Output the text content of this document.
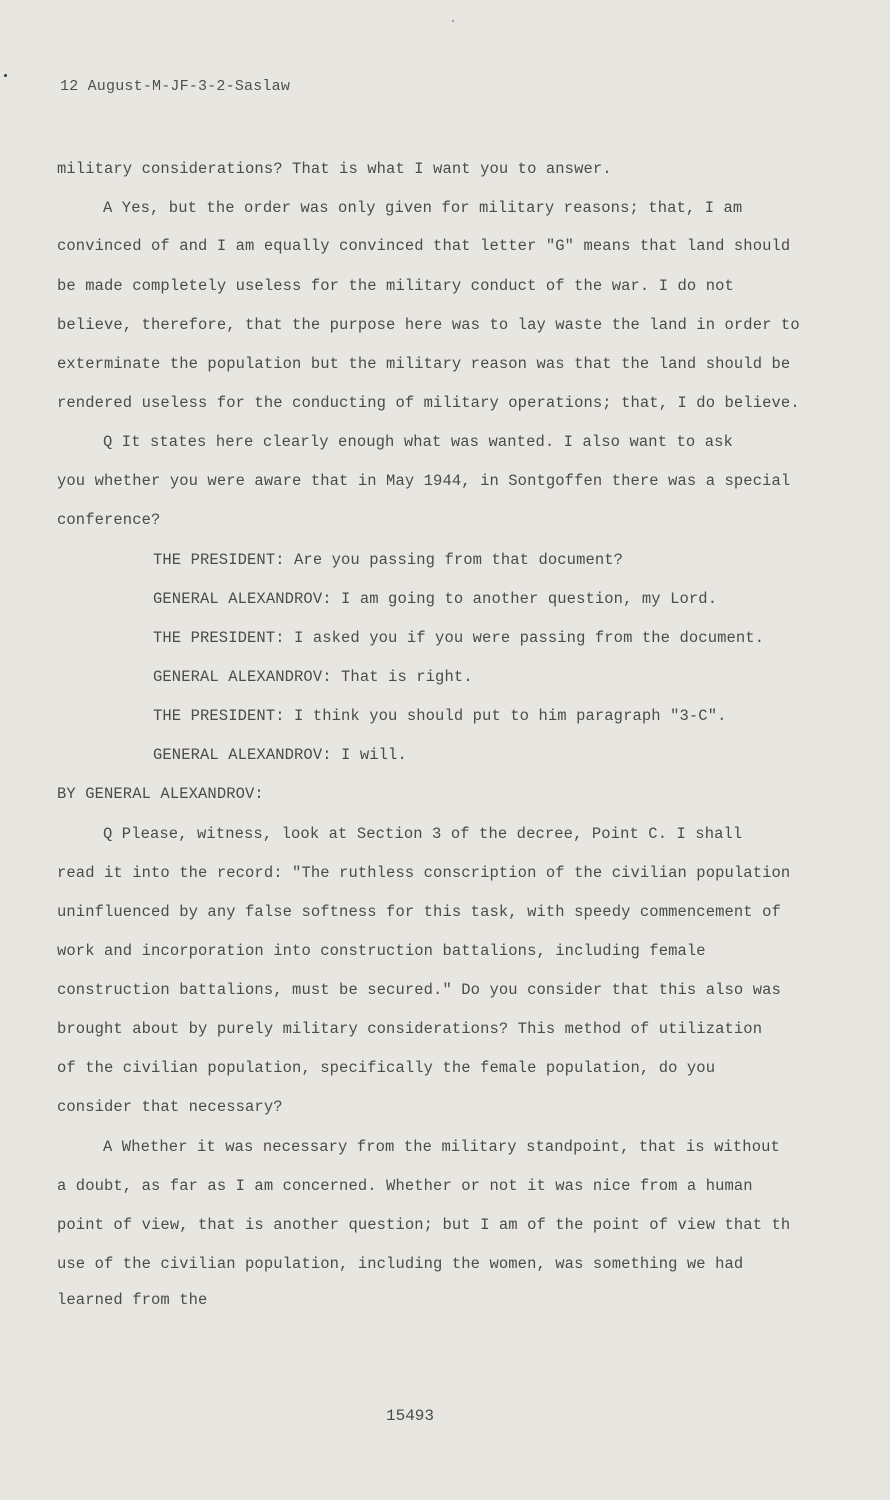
12 August-M-JF-3-2-Saslaw
military considerations? That is what I want you to answer.
A Yes, but the order was only given for military reasons; that, I am
convinced of and I am equally convinced that letter "G" means that land should
be made completely useless for the military conduct of the war. I do not
believe, therefore, that the purpose here was to lay waste the land in order to
exterminate the population but the military reason was that the land should be
rendered useless for the conducting of military operations; that, I do believe.
Q It states here clearly enough what was wanted. I also want to ask
you whether you were aware that in May 1944, in Sontgoffen there was a special
conference?
THE PRESIDENT: Are you passing from that document?
GENERAL ALEXANDROV: I am going to another question, my Lord.
THE PRESIDENT: I asked you if you were passing from the document.
GENERAL ALEXANDROV: That is right.
THE PRESIDENT: I think you should put to him paragraph "3-C".
GENERAL ALEXANDROV: I will.
BY GENERAL ALEXANDROV:
Q Please, witness, look at Section 3 of the decree, Point C. I shall
read it into the record: "The ruthless conscription of the civilian population
uninfluenced by any false softness for this task, with speedy commencement of
work and incorporation into construction battalions, including female
construction battalions, must be secured." Do you consider that this also was
brought about by purely military considerations? This method of utilization
of the civilian population, specifically the female population, do you
consider that necessary?
A Whether it was necessary from the military standpoint, that is without
a doubt, as far as I am concerned. Whether or not it was nice from a human
point of view, that is another question; but I am of the point of view that th
use of the civilian population, including the women, was something we had
learned from the
15493
